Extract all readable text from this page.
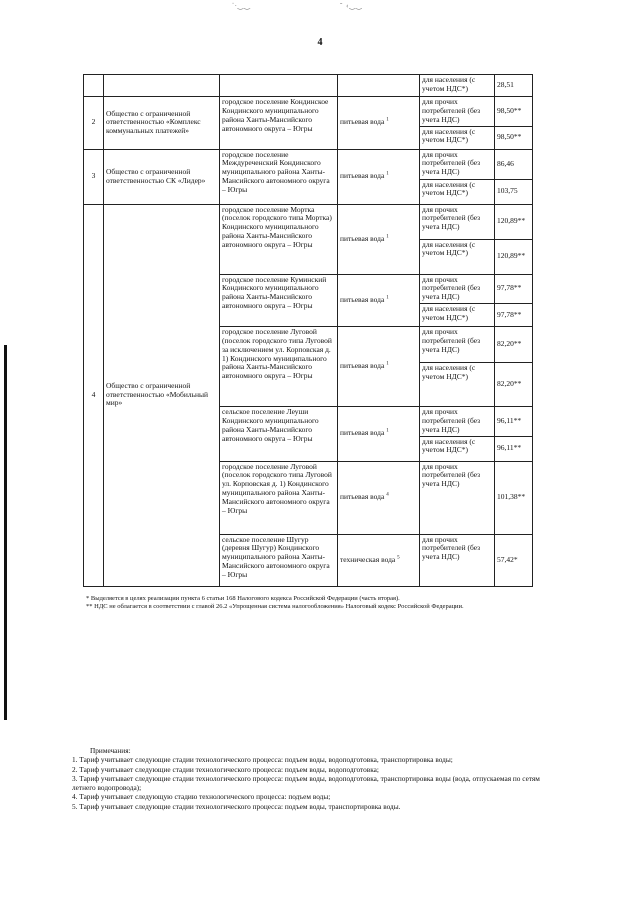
ᐝᐧ‿‿	ˇ ‹‿‿
4
				для населения (с учетом НДС*)	28,51
2	Общество с ограниченной ответственностью «Комплекс коммунальных платежей»	городское поселение Кондинское Кондинского муниципального района Ханты-Мансийского автономного округа – Югры	питьевая вода $^1$	для прочих потребителей (без учета НДС)	98,50**
				для населения (с учетом НДС*)	98,50**
3	Общество с ограниченной ответственностью СК «Лидер»	городское поселение Междуреченский Кондинского муниципального района Ханты-Мансийского автономного округа – Югры	питьевая вода $^1$	для прочих потребителей (без учета НДС)	86,46
				для населения (с учетом НДС*)	103,75
4	Общество с ограниченной ответственностью «Мобильный мир»	городское поселение Мортка (поселок городского типа Мортка) Кондинского муниципального района Ханты-Мансийского автономного округа – Югры	питьевая вода $^1$	для прочих потребителей (без учета НДС)	120,89**
				для населения (с учетом НДС*)	120,89**
		городское поселение Куминский Кондинского муниципального района Ханты-Мансийского автономного округа – Югры	питьевая вода $^1$	для прочих потребителей (без учета НДС)	97,78**
				для населения (с учетом НДС*)	97,78**
		городское поселение Луговой (поселок городского типа Луговой за исключением ул. Корповская д. 1) Кондинского муниципального района Ханты-Мансийского автономного округа – Югры	питьевая вода $^1$	для прочих потребителей (без учета НДС)	82,20**
				для населения (с учетом НДС*)	82,20**
		сельское поселение Леуши Кондинского муниципального района Ханты-Мансийского автономного округа – Югры	питьевая вода $^1$	для прочих потребителей (без учета НДС)	96,11**
				для населения (с учетом НДС*)	96,11**
		городское поселение Луговой (поселок городского типа Луговой ул. Корповская д. 1) Кондинского муниципального района Ханты-Мансийского автономного округа – Югры	питьевая вода $^4$	для прочих потребителей (без учета НДС)	101,38**
		сельское поселение Шугур (деревня Шугур) Кондинского муниципального района Ханты-Мансийского автономного округа – Югры	техническая вода $^5$	для прочих потребителей (без учета НДС)	57,42*
* Выделяется в целях реализации пункта 6 статьи 168 Налогового кодекса Российской Федерации (часть вторая).
** НДС не облагается в соответствии с главой 26.2 «Упрощенная система налогообложения» Налоговый кодекс Российской Федерации.

Примечания:

1. Тариф учитывает следующие стадии технологического процесса: подъем воды, водоподготовка, транспортировка воды;

2. Тариф учитывает следующие стадии технологического процесса: подъем воды, водоподготовка;

3. Тариф учитывает следующие стадии технологического процесса: подъем воды, водоподготовка, транспортировка воды (вода, отпускаемая по сетям летнего водопровода);

4. Тариф учитывает следующую стадию технологического процесса: подъем воды;

5. Тариф учитывает следующие стадии технологического процесса: подъем воды, транспортировка воды.
